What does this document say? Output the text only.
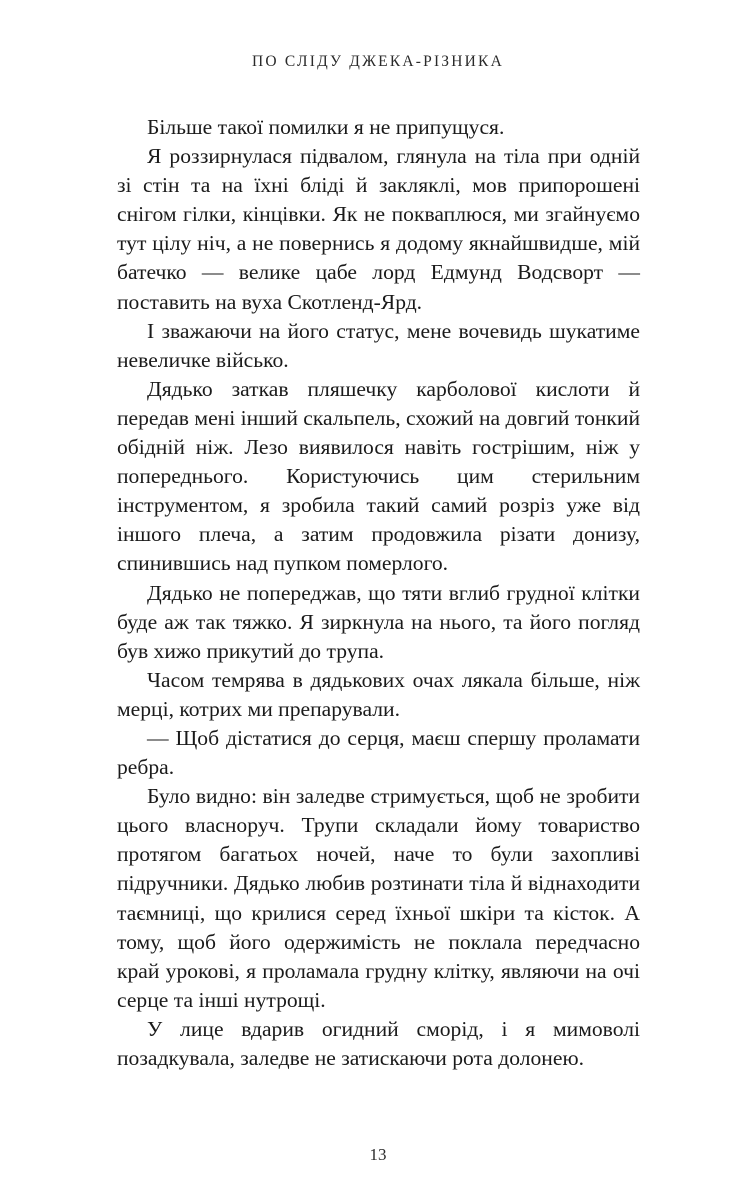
ПО СЛІДУ ДЖЕКА-РІЗНИКА

Більше такої помилки я не припущуся.

Я роззирнулася підвалом, глянула на тіла при одній зі стін та на їхні бліді й закляклі, мов припорошені снігом гілки, кінцівки. Як не покваплюся, ми згайнуємо тут цілу ніч, а не повернись я додому якнайшвидше, мій батечко — велике цабе лорд Едмунд Водсворт — поставить на вуха Скотленд-Ярд.

І зважаючи на його статус, мене вочевидь шукатиме невеличке військо.

Дядько заткав пляшечку карболової кислоти й передав мені інший скальпель, схожий на довгий тонкий обідній ніж. Лезо виявилося навіть гострішим, ніж у попереднього. Користуючись цим стерильним інструментом, я зробила такий самий розріз уже від іншого плеча, а затим продовжила різати донизу, спинившись над пупком померлого.

Дядько не попереджав, що тяти вглиб грудної клітки буде аж так тяжко. Я зиркнула на нього, та його погляд був хижо прикутий до трупа.

Часом темрява в дядькових очах лякала більше, ніж мерці, котрих ми препарували.

— Щоб дістатися до серця, маєш спершу проламати ребра.

Було видно: він заледве стримується, щоб не зробити цього власноруч. Трупи складали йому товариство протягом багатьох ночей, наче то були захопливі підручники. Дядько любив розтинати тіла й віднаходити таємниці, що крилися серед їхньої шкіри та кісток. А тому, щоб його одержимість не поклала передчасно край урокові, я проламала грудну клітку, являючи на очі серце та інші нутрощі.

У лице вдарив огидний сморід, і я мимоволі позадкувала, заледве не затискаючи рота долонею.

13
